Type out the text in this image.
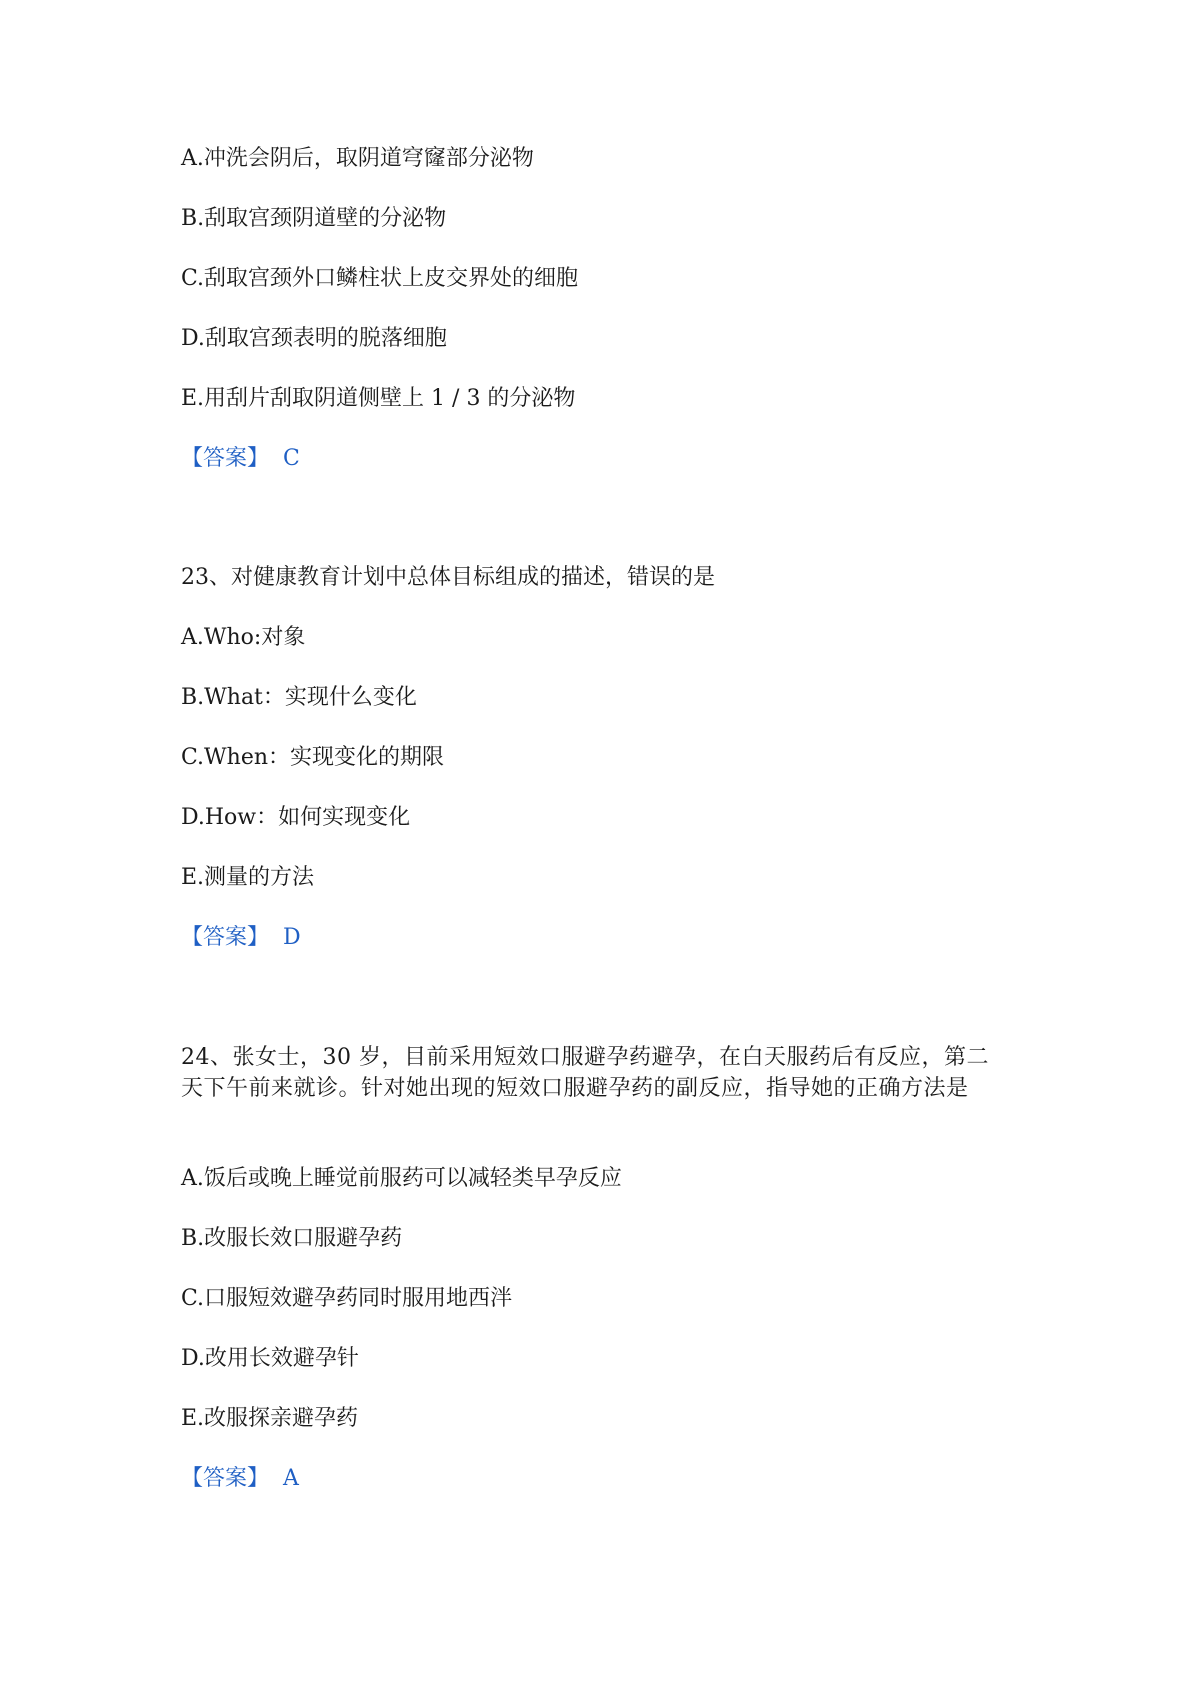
A.冲洗会阴后，取阴道穹窿部分泌物
B.刮取宫颈阴道壁的分泌物
C.刮取宫颈外口鳞柱状上皮交界处的细胞
D.刮取宫颈表明的脱落细胞
E.用刮片刮取阴道侧壁上 1 / 3 的分泌物
【答案】 C
23、对健康教育计划中总体目标组成的描述，错误的是
A.Who:对象
B.What：实现什么变化
C.When：实现变化的期限
D.How：如何实现变化
E.测量的方法
【答案】 D
24、张女士，30 岁，目前采用短效口服避孕药避孕，在白天服药后有反应，第二天下午前来就诊。针对她出现的短效口服避孕药的副反应，指导她的正确方法是
A.饭后或晚上睡觉前服药可以减轻类早孕反应
B.改服长效口服避孕药
C.口服短效避孕药同时服用地西泮
D.改用长效避孕针
E.改服探亲避孕药
【答案】 A
